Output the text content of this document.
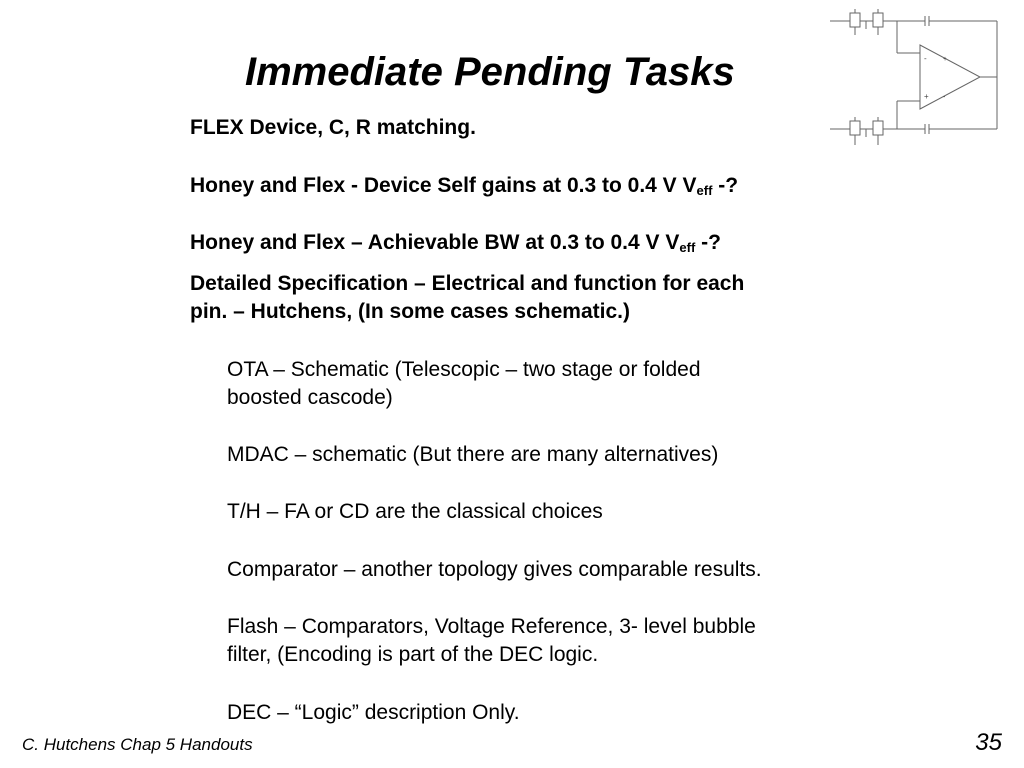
Immediate Pending Tasks
FLEX Device, C, R matching.
Honey and Flex - Device Self gains at 0.3 to 0.4 V $V_{eff}$ -?
Honey and Flex – Achievable BW at 0.3 to 0.4 V $V_{eff}$ -?
Detailed Specification – Electrical and function for each
pin. – Hutchens, (In some cases schematic.)
OTA – Schematic (Telescopic – two stage or folded
boosted cascode)
MDAC – schematic (But there are many alternatives)
T/H – FA or CD are the classical choices
Comparator – another topology gives comparable results.
Flash – Comparators, Voltage Reference, 3- level bubble
filter, (Encoding is part of the DEC logic.
DEC – “Logic” description Only.
-
+
+
-
C. Hutchens Chap 5 Handouts	35
